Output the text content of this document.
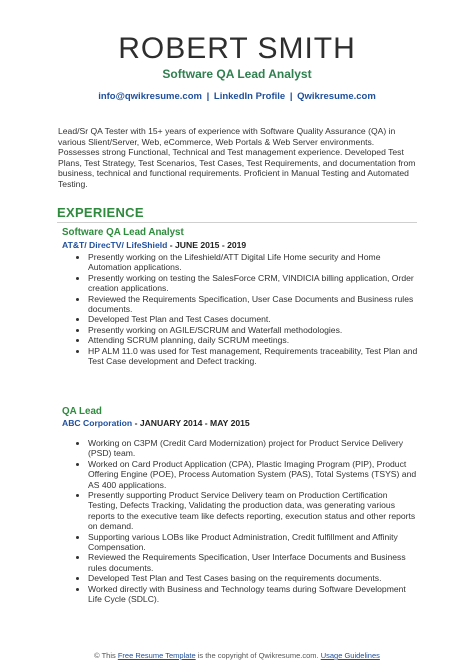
ROBERT SMITH
Software QA Lead Analyst
info@qwikresume.com | LinkedIn Profile | Qwikresume.com
Lead/Sr QA Tester with 15+ years of experience with Software Quality Assurance (QA) in various Slient/Server, Web, eCommerce, Web Portals & Web Server environments. Possesses strong Functional, Technical and Test management experience. Developed Test Plans, Test Strategy, Test Scenarios, Test Cases, Test Requirements, and documentation from business, technical and functional requirements. Proficient in Manual Testing and Automated Testing.
EXPERIENCE
Software QA Lead Analyst
AT&T/ DirecTV/ LifeShield - JUNE 2015 - 2019
• Presently working on the Lifeshield/ATT Digital Life Home security and Home Automation applications.
• Presently working on testing the SalesForce CRM, VINDICIA billing application, Order creation applications.
• Reviewed the Requirements Specification, User Case Documents and Business rules documents.
• Developed Test Plan and Test Cases document.
• Presently working on AGILE/SCRUM and Waterfall methodologies.
• Attending SCRUM planning, daily SCRUM meetings.
• HP ALM 11.0 was used for Test management, Requirements traceability, Test Plan and Test Case development and Defect tracking.
QA Lead
ABC Corporation - JANUARY 2014 - MAY 2015
• Working on C3PM (Credit Card Modernization) project for Product Service Delivery (PSD) team.
• Worked on Card Product Application (CPA), Plastic Imaging Program (PIP), Product Offering Engine (POE), Process Automation System (PAS), Total Systems (TSYS) and AS 400 applications.
• Presently supporting Product Service Delivery team on Production Certification Testing, Defects Tracking, Validating the production data, was generating various reports to the executive team like defects reporting, execution status and other reports on demand.
• Supporting various LOBs like Product Administration, Credit fulfillment and Affinity Compensation.
• Reviewed the Requirements Specification, User Interface Documents and Business rules documents.
• Developed Test Plan and Test Cases basing on the requirements documents.
• Worked directly with Business and Technology teams during Software Development Life Cycle (SDLC).
© This Free Resume Template is the copyright of Qwikresume.com. Usage Guidelines
